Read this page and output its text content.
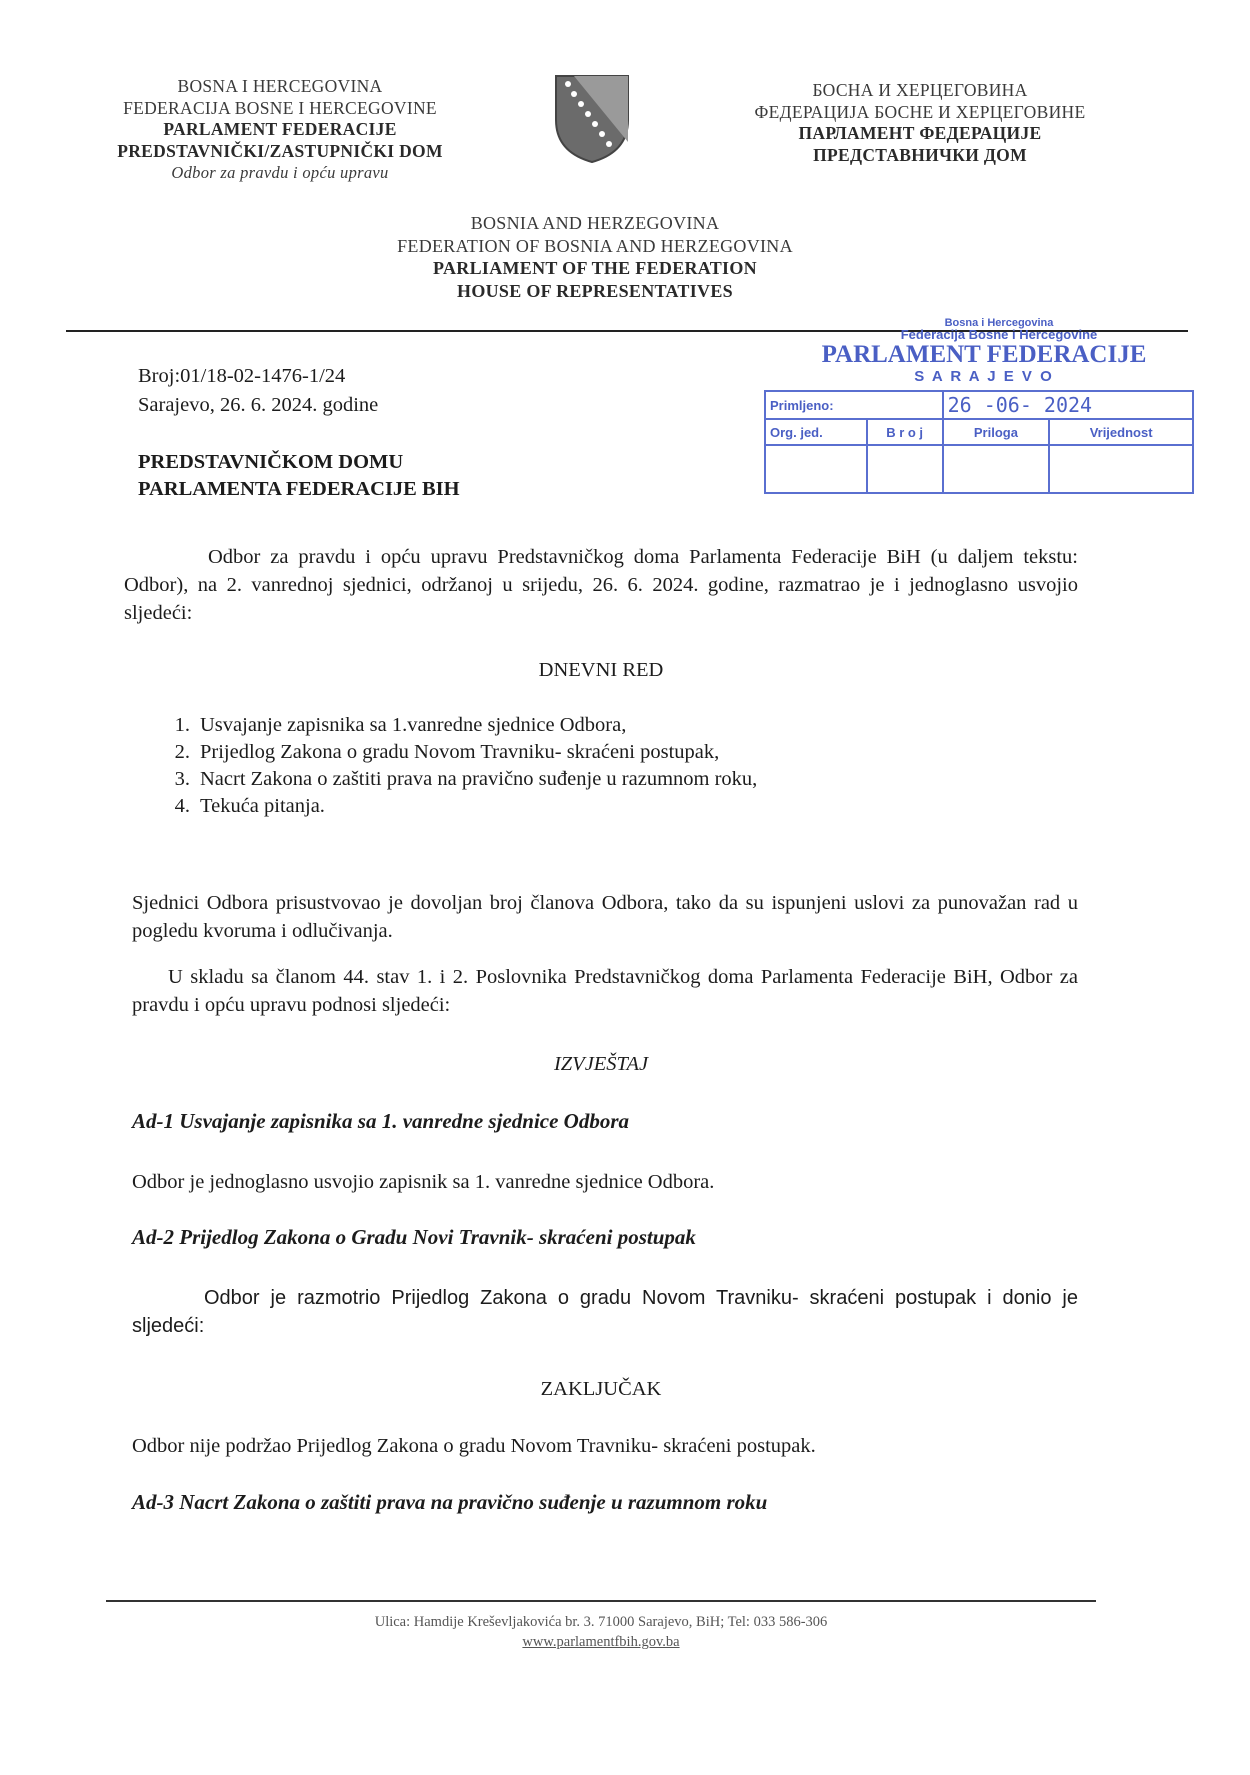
BOSNA I HERCEGOVINA
FEDERACIJA BOSNE I HERCEGOVINE
PARLAMENT FEDERACIJE
PREDSTAVNIČKI/ZASTUPNIČKI DOM
Odbor za pravdu i opću upravu
БОСНА И ХЕРЦЕГОВИНА
ФЕДЕРАЦИЈА БОСНЕ И ХЕРЦЕГОВИНЕ
ПАРЛАМЕНТ ФЕДЕРАЦИЈЕ
ПРЕДСТАВНИЧКИ ДОМ
BOSNIA AND HERZEGOVINA
FEDERATION OF BOSNIA AND HERZEGOVINA
PARLIAMENT OF THE FEDERATION
HOUSE OF REPRESENTATIVES
Bosna i Hercegovina
Federacija Bosne i Hercegovine
PARLAMENT FEDERACIJE
S A R A J E V O
Primljeno:		26 -06- 2024	
Org. jed.	B r o j	Priloga	Vrijednost

Broj:01/18-02-1476-1/24
Sarajevo, 26. 6. 2024. godine
PREDSTAVNIČKOM DOMU
PARLAMENTA FEDERACIJE BIH
Odbor za pravdu i opću upravu Predstavničkog doma Parlamenta Federacije BiH (u daljem tekstu: Odbor), na 2. vanrednoj sjednici, održanoj u srijedu, 26. 6. 2024. godine, razmatrao je i jednoglasno usvojio sljedeći:
DNEVNI RED
1. Usvajanje zapisnika sa 1.vanredne sjednice Odbora,
2. Prijedlog Zakona o gradu Novom Travniku- skraćeni postupak,
3. Nacrt Zakona o zaštiti prava na pravično suđenje u razumnom roku,
4. Tekuća pitanja.
Sjednici Odbora prisustvovao je dovoljan broj članova Odbora, tako da su ispunjeni uslovi za punovažan rad u pogledu kvoruma i odlučivanja.
U skladu sa članom 44. stav 1. i 2. Poslovnika Predstavničkog doma Parlamenta Federacije BiH, Odbor za pravdu i opću upravu podnosi sljedeći:
IZVJEŠTAJ
Ad-1 Usvajanje zapisnika sa 1. vanredne sjednice Odbora
Odbor je jednoglasno usvojio zapisnik sa 1. vanredne sjednice Odbora.
Ad-2 Prijedlog Zakona o Gradu Novi Travnik- skraćeni postupak
Odbor je razmotrio Prijedlog Zakona o gradu Novom Travniku- skraćeni postupak i donio je sljedeći:
ZAKLJUČAK
Odbor nije podržao Prijedlog Zakona o gradu Novom Travniku- skraćeni postupak.
Ad-3 Nacrt Zakona o zaštiti prava na pravično suđenje u razumnom roku
Ulica: Hamdije Kreševljakovića br. 3. 71000 Sarajevo, BiH; Tel: 033 586-306
www.parlamentfbih.gov.ba
